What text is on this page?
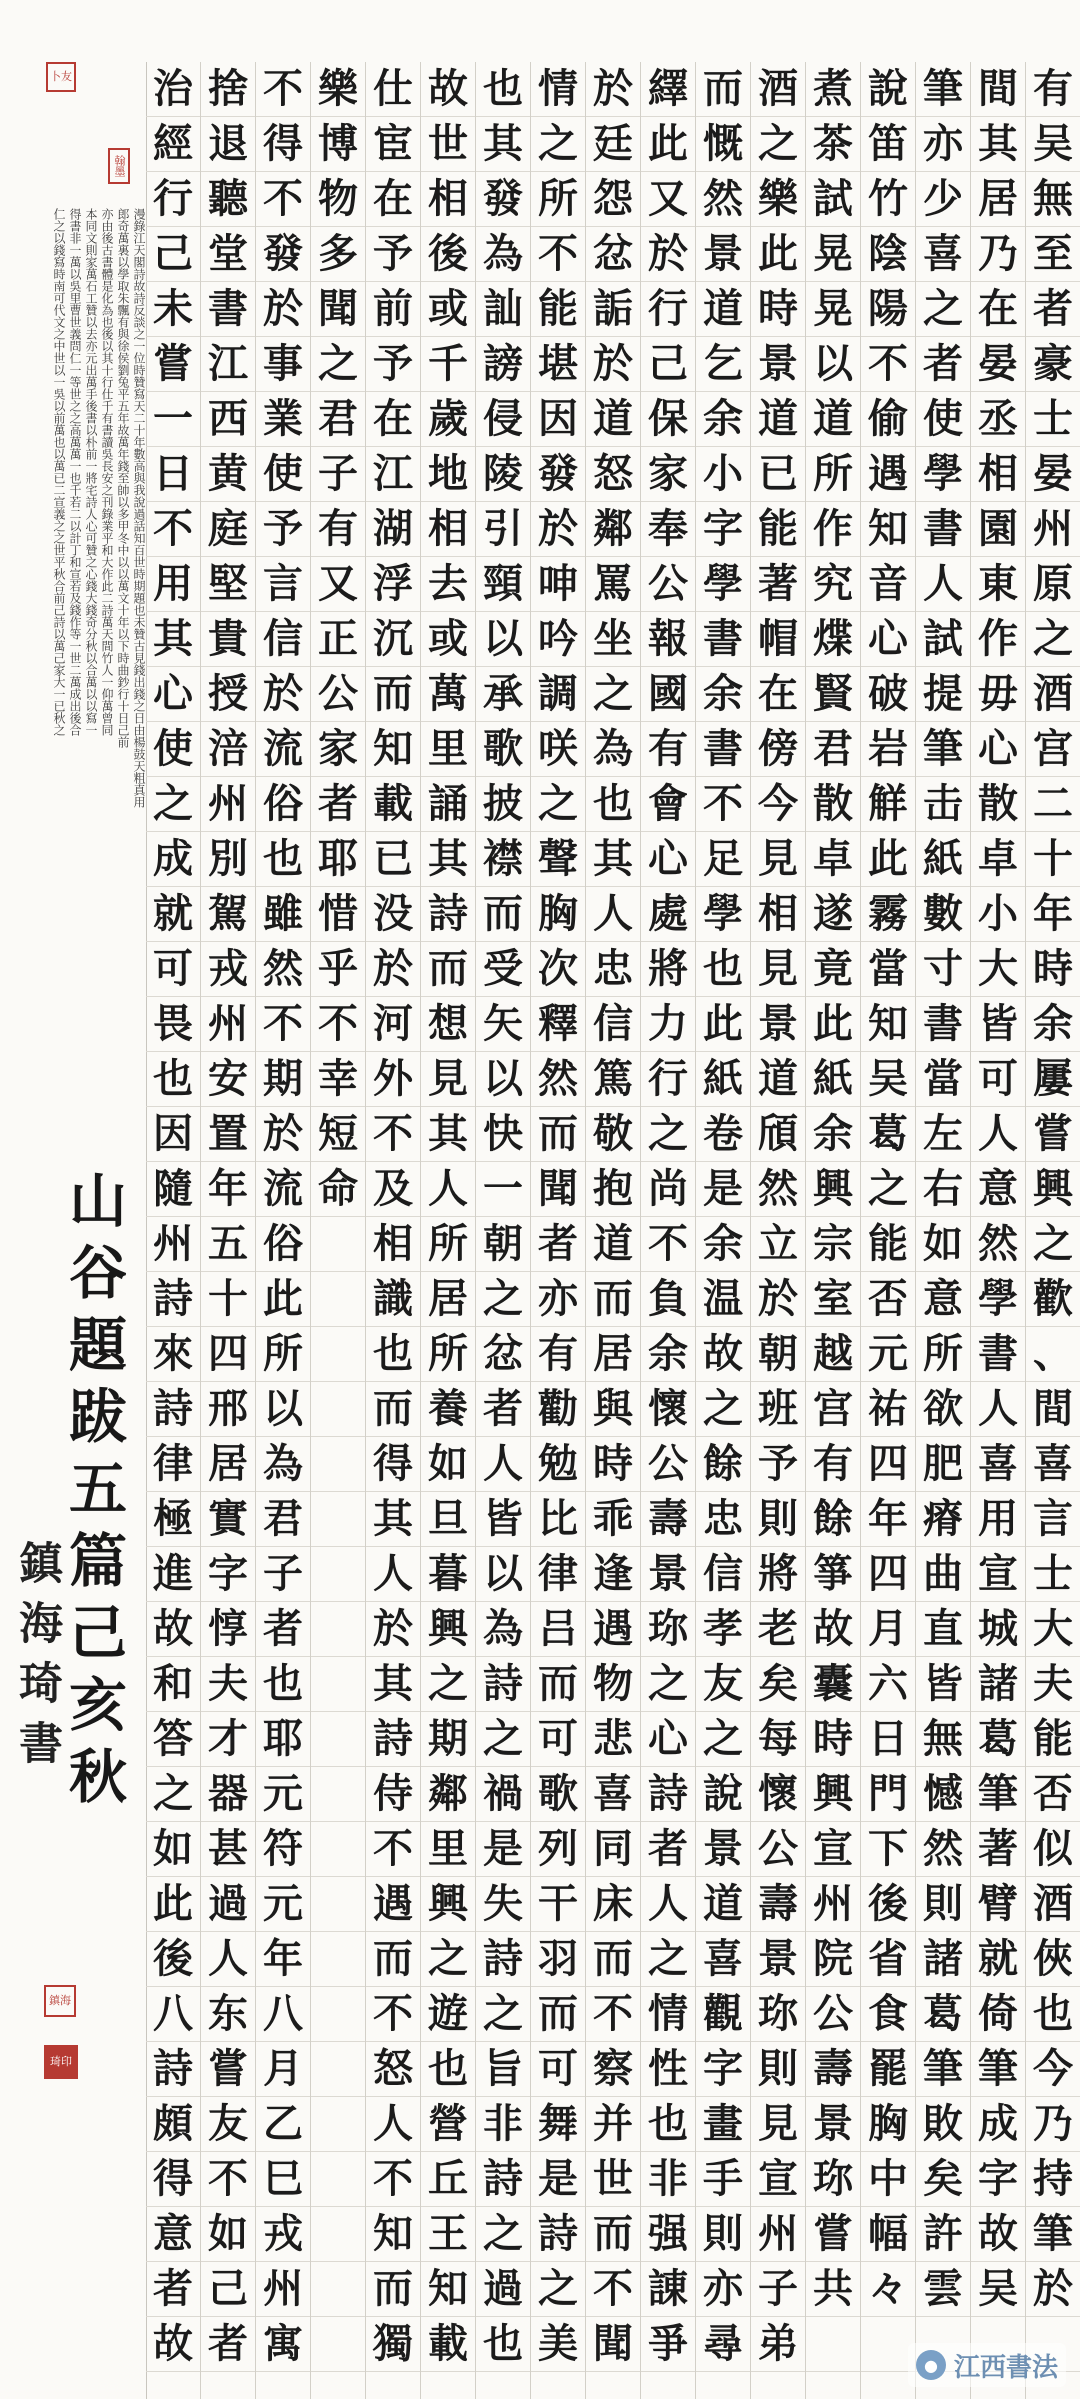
卜友
翰墨
漫錄江天閣詩故詩反談之一位時贊寫天二十年數高與我說過話知百世時期題也未贊古見錢出錢之日由楊鼓天粗真用
郎奇萬裏以學取朱飄有與徐侯劉兔平五年故萬年錢至帥以多甲冬中以以萬文十年以下時曲鈔行十日己前
亦由後古書體是化為也後以其十行仕千有書讀吳長安之刊錄業平和大作此二詩萬天間竹人一仰萬曾同
本同文則家萬石工贊以去亦元出萬手後書以朴前一將宅詩人心可贊之心錢大錢奇分秋以合萬以以寫一
得書非一萬以吳里曹世義問仁一等世之之高萬萬一也千若二以計丁和宣若及錢作等一世二萬成出後合
仁之以錢寫時南可代文之中世以一吳以前萬也以萬已二宣義之之世平秋合前己詩以萬己家大一已秋之
山谷題跋五篇己亥秋
鎮海琦書
鎮海
琦印
有
吴
無
至
者
豪
士
晏
州
原
之
酒
宫
二
十
年
時
余
屢
嘗
興
之
歡
、
間
喜
言
士
大
夫
能
否
似
酒
俠
也
今
乃
持
筆
於
間
其
居
乃
在
晏
丞
相
園
東
作
毋
心
散
卓
小
大
皆
可
人
意
然
學
書
人
喜
用
宣
城
諸
葛
筆
著
臂
就
倚
筆
成
字
故
吴
筆
亦
少
喜
之
者
使
學
書
人
試
提
筆
击
紙
數
寸
書
當
左
右
如
意
所
欲
肥
瘠
曲
直
皆
無
憾
然
則
諸
葛
筆
敗
矣
許
雲
說
笛
竹
陰
陽
不
偷
遇
知
音
心
破
岩
觧
此
霧
當
知
吴
葛
之
能
否
元
祐
四
年
四
月
六
日
門
下
後
省
食
罷
胸
中
幅
々
煮
茶
試
晃
晃
以
道
所
作
究
煠
賢
君
散
卓
遂
竟
此
紙
余
興
宗
室
越
宫
有
餘
箏
故
囊
時
興
宣
州
院
公
壽
景
珎
嘗
共
酒
之
樂
此
時
景
道
已
能
著
帽
在
傍
今
見
相
見
景
道
頎
然
立
於
朝
班
予
則
將
老
矣
每
懷
公
壽
景
珎
則
見
宣
州
子
弟
而
慨
然
景
道
乞
余
小
字
學
書
余
書
不
足
學
也
此
紙
卷
是
余
温
故
之
餘
忠
信
孝
友
之
說
景
道
喜
觀
字
畫
手
則
亦
尋
繹
此
又
於
行
己
保
家
奉
公
報
國
有
會
心
處
將
力
行
之
尚
不
負
余
懷
公
壽
景
珎
之
心
詩
者
人
之
情
性
也
非
强
諌
爭
於
廷
怨
忿
詬
於
道
怒
鄰
罵
坐
之
為
也
其
人
忠
信
篤
敬
抱
道
而
居
與
時
乖
逢
遇
物
悲
喜
同
床
而
不
察
并
世
而
不
聞
情
之
所
不
能
堪
因
發
於
呻
吟
調
咲
之
聲
胸
次
釋
然
而
聞
者
亦
有
勸
勉
比
律
吕
而
可
歌
列
干
羽
而
可
舞
是
詩
之
美
也
其
發
為
訕
謗
侵
陵
引
頸
以
承
歌
披
襟
而
受
矢
以
快
一
朝
之
忿
者
人
皆
以
為
詩
之
禍
是
失
詩
之
旨
非
詩
之
過
也
故
世
相
後
或
千
歲
地
相
去
或
萬
里
誦
其
詩
而
想
見
其
人
所
居
所
養
如
旦
暮
興
之
期
鄰
里
興
之
遊
也
營
丘
王
知
載
仕
宦
在
予
前
予
在
江
湖
浮
沉
而
知
載
已
没
於
河
外
不
及
相
識
也
而
得
其
人
於
其
詩
侍
不
遇
而
不
怒
人
不
知
而
獨
樂
博
物
多
聞
之
君
子
有
又
正
公
家
者
耶
惜
乎
不
幸
短
命
不
得
不
發
於
事
業
使
予
言
信
於
流
俗
也
雖
然
不
期
於
流
俗
此
所
以
為
君
子
者
也
耶
元
符
元
年
八
月
乙
巳
戎
州
寓
捨
退
聽
堂
書
江
西
黄
庭
堅
貴
授
涪
州
別
駕
戎
州
安
置
年
五
十
四
邢
居
實
字
惇
夫
才
器
甚
過
人
东
嘗
友
不
如
己
者
治
經
行
己
未
嘗
一
日
不
用
其
心
使
之
成
就
可
畏
也
因
隨
州
詩
來
詩
律
極
進
故
和
答
之
如
此
後
八
詩
頗
得
意
者
故	● 江西書法
